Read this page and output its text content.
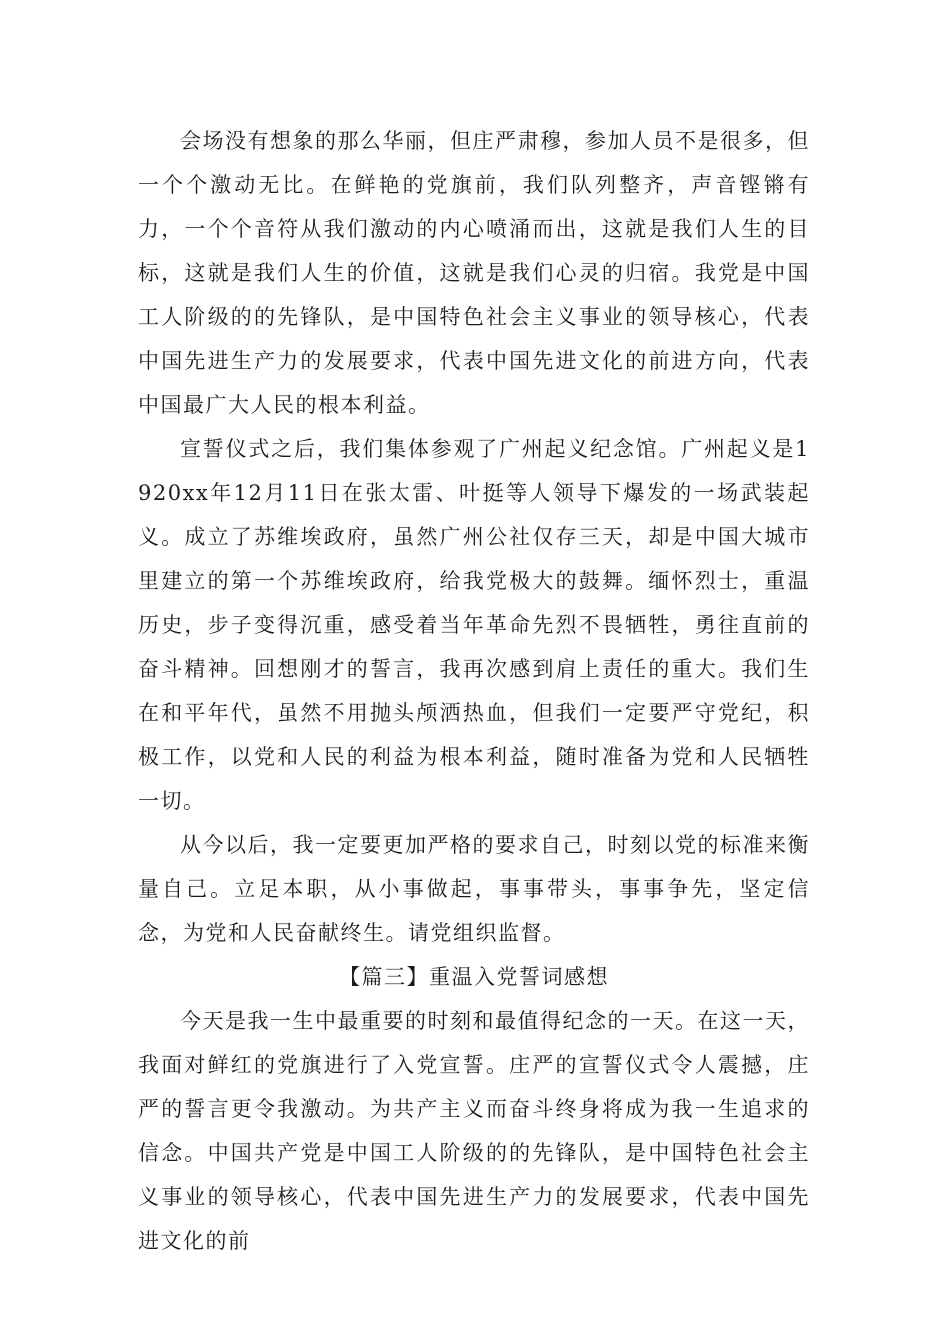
会场没有想象的那么华丽，但庄严肃穆，参加人员不是很多，但一个个激动无比。在鲜艳的党旗前，我们队列整齐，声音铿锵有力，一个个音符从我们激动的内心喷涌而出，这就是我们人生的目标，这就是我们人生的价值，这就是我们心灵的归宿。我党是中国工人阶级的的先锋队，是中国特色社会主义事业的领导核心，代表中国先进生产力的发展要求，代表中国先进文化的前进方向，代表中国最广大人民的根本利益。

宣誓仪式之后，我们集体参观了广州起义纪念馆。广州起义是1920xx年12月11日在张太雷、叶挺等人领导下爆发的一场武装起义。成立了苏维埃政府，虽然广州公社仅存三天，却是中国大城市里建立的第一个苏维埃政府，给我党极大的鼓舞。缅怀烈士，重温历史，步子变得沉重，感受着当年革命先烈不畏牺牲，勇往直前的奋斗精神。回想刚才的誓言，我再次感到肩上责任的重大。我们生在和平年代，虽然不用抛头颅洒热血，但我们一定要严守党纪，积极工作，以党和人民的利益为根本利益，随时准备为党和人民牺牲一切。

从今以后，我一定要更加严格的要求自己，时刻以党的标准来衡量自己。立足本职，从小事做起，事事带头，事事争先，坚定信念，为党和人民奋献终生。请党组织监督。

【篇三】重温入党誓词感想

今天是我一生中最重要的时刻和最值得纪念的一天。在这一天，我面对鲜红的党旗进行了入党宣誓。庄严的宣誓仪式令人震撼，庄严的誓言更令我激动。为共产主义而奋斗终身将成为我一生追求的信念。中国共产党是中国工人阶级的的先锋队，是中国特色社会主义事业的领导核心，代表中国先进生产力的发展要求，代表中国先进文化的前
